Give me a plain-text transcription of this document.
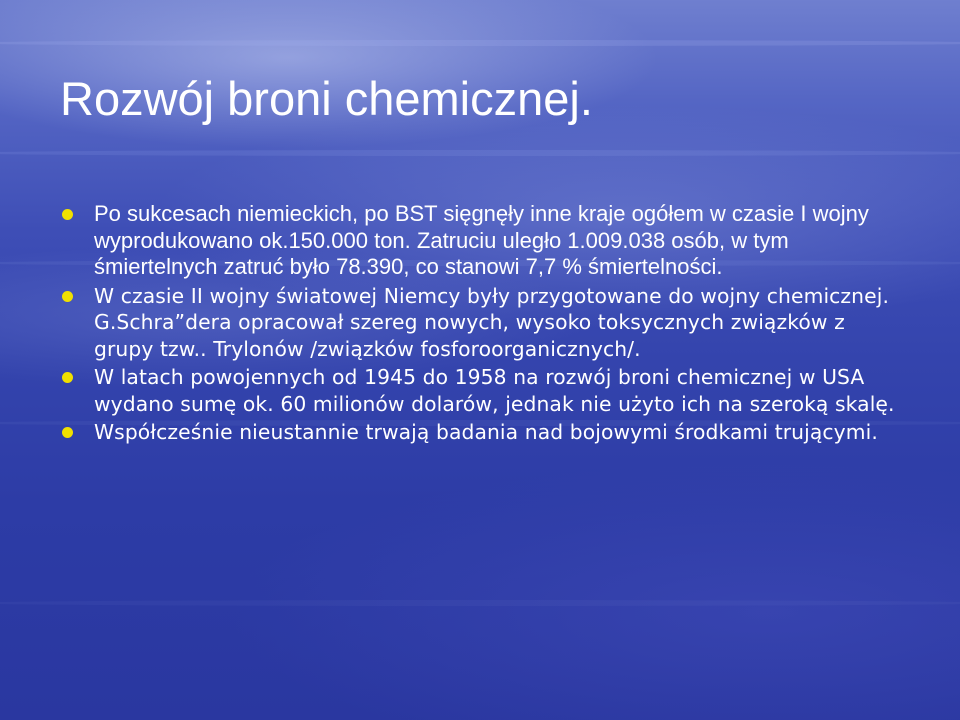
Rozwój broni chemicznej.
Po sukcesach niemieckich, po BST sięgnęły inne kraje ogółem w czasie I wojny wyprodukowano ok.150.000 ton. Zatruciu uległo 1.009.038 osób, w tym śmiertelnych zatruć było 78.390, co stanowi 7,7 % śmiertelności.
W czasie II wojny światowej Niemcy były przygotowane do wojny chemicznej. G.Schra”dera opracował szereg nowych, wysoko toksycznych związków z grupy tzw.. Trylonów /związków fosforoorganicznych/.
W latach powojennych od 1945 do 1958 na rozwój broni chemicznej w USA wydano sumę ok. 60 milionów dolarów, jednak nie użyto ich na szeroką skalę.
Współcześnie nieustannie trwają badania nad bojowymi środkami trującymi.
